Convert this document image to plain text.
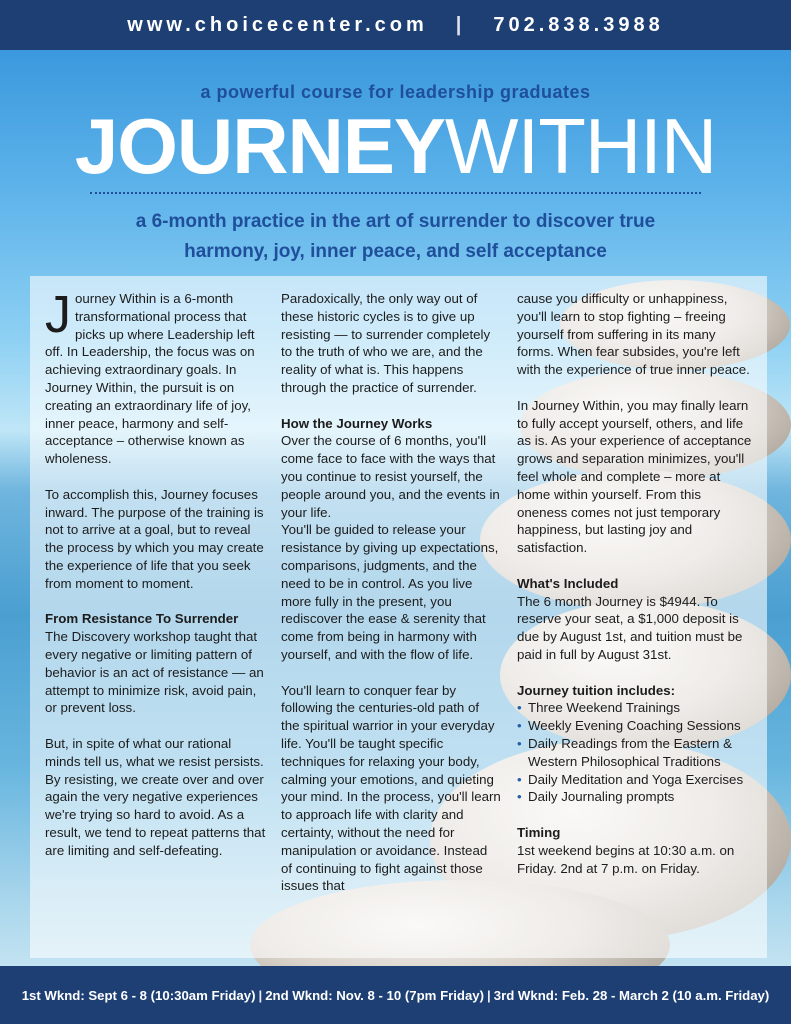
www.choicecenter.com | 702.838.3988
a powerful course for leadership graduates
JOURNEYWITHIN
a 6-month practice in the art of surrender to discover true
harmony, joy, inner peace, and self acceptance

Journey Within is a 6-month transformational process that picks up where Leadership left off. In Leadership, the focus was on achieving extraordinary goals. In Journey Within, the pursuit is on creating an extraordinary life of joy, inner peace, harmony and self-acceptance – otherwise known as wholeness.

To accomplish this, Journey focuses inward. The purpose of the training is not to arrive at a goal, but to reveal the process by which you may create the experience of life that you seek from moment to moment.

From Resistance To Surrender
The Discovery workshop taught that every negative or limiting pattern of behavior is an act of resistance — an attempt to minimize risk, avoid pain, or prevent loss.

But, in spite of what our rational minds tell us, what we resist persists. By resisting, we create over and over again the very negative experiences we're trying so hard to avoid. As a result, we tend to repeat patterns that are limiting and self-defeating.

Paradoxically, the only way out of these historic cycles is to give up resisting — to surrender completely to the truth of who we are, and the reality of what is. This happens through the practice of surrender.

How the Journey Works
Over the course of 6 months, you'll come face to face with the ways that you continue to resist yourself, the people around you, and the events in your life.
You'll be guided to release your resistance by giving up expectations, comparisons, judgments, and the need to be in control. As you live more fully in the present, you rediscover the ease & serenity that come from being in harmony with yourself, and with the flow of life.

You'll learn to conquer fear by following the centuries-old path of the spiritual warrior in your everyday life. You'll be taught specific techniques for relaxing your body, calming your emotions, and quieting your mind. In the process, you'll learn to approach life with clarity and certainty, without the need for manipulation or avoidance. Instead of continuing to fight against those issues that

cause you difficulty or unhappiness, you'll learn to stop fighting – freeing yourself from suffering in its many forms. When fear subsides, you're left with the experience of true inner peace.

In Journey Within, you may finally learn to fully accept yourself, others, and life as is. As your experience of acceptance grows and separation minimizes, you'll feel whole and complete – more at home within yourself. From this oneness comes not just temporary happiness, but lasting joy and satisfaction.

What's Included
The 6 month Journey is $4944. To reserve your seat, a $1,000 deposit is due by August 1st, and tuition must be paid in full by August 31st.

Journey tuition includes:
• Three Weekend Trainings
• Weekly Evening Coaching Sessions
• Daily Readings from the Eastern & Western Philosophical Traditions
• Daily Meditation and Yoga Exercises
• Daily Journaling prompts

Timing
1st weekend begins at 10:30 a.m. on Friday. 2nd at 7 p.m. on Friday.

1st Wknd: Sept 6 - 8 (10:30am Friday) | 2nd Wknd: Nov. 8 - 10 (7pm Friday) | 3rd Wknd: Feb. 28 - March 2 (10 a.m. Friday)
